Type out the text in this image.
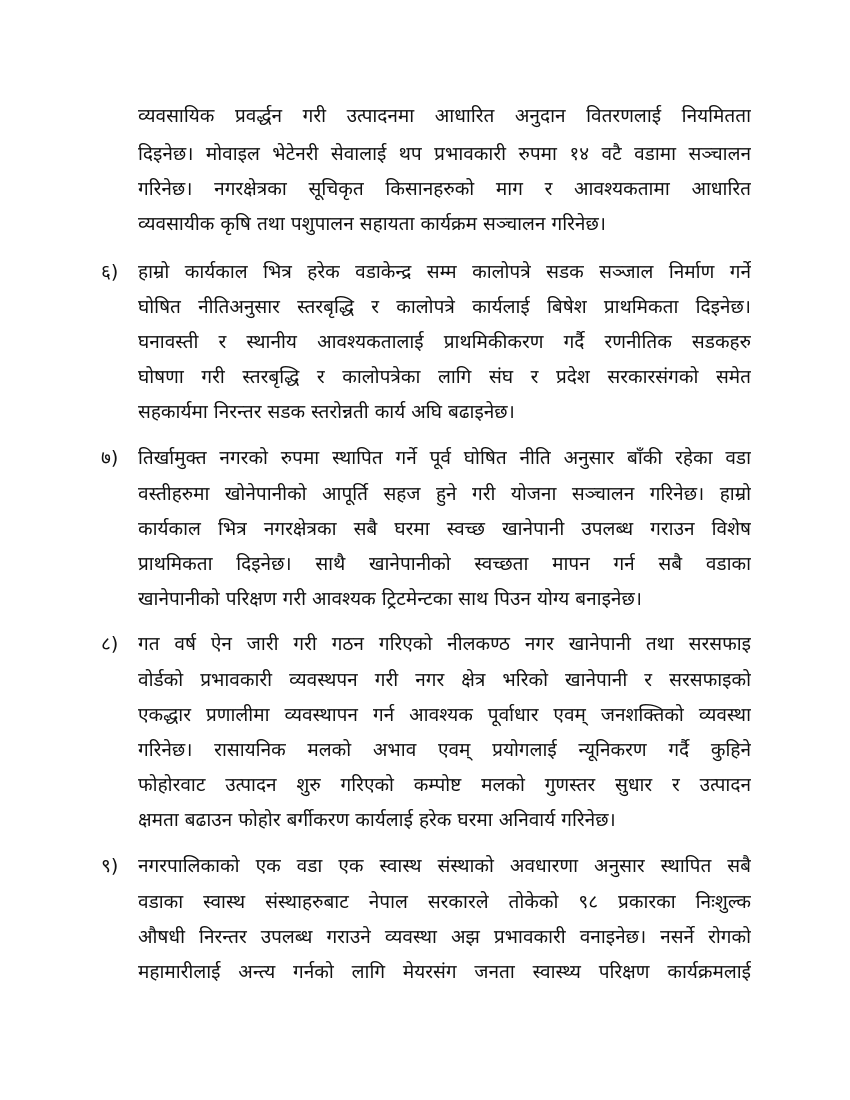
व्यवसायिक प्रवर्द्धन गरी उत्पादनमा आधारित अनुदान वितरणलाई नियमितता
दिइनेछ। मोवाइल भेटेनरी सेवालाई थप प्रभावकारी रुपमा १४ वटै वडामा सञ्चालन
गरिनेछ। नगरक्षेत्रका सूचिकृत किसानहरुको माग र आवश्यकतामा आधारित
व्यवसायीक कृषि तथा पशुपालन सहायता कार्यक्रम सञ्चालन गरिनेछ।
६) हाम्रो कार्यकाल भित्र हरेक वडाकेन्द्र सम्म कालोपत्रे सडक सञ्जाल निर्माण गर्ने
घोषित नीतिअनुसार स्तरबृद्धि र कालोपत्रे कार्यलाई बिषेश प्राथमिकता दिइनेछ।
घनावस्ती र स्थानीय आवश्यकतालाई प्राथमिकीकरण गर्दै रणनीतिक सडकहरु
घोषणा गरी स्तरबृद्धि र कालोपत्रेका लागि संघ र प्रदेश सरकारसंगको समेत
सहकार्यमा निरन्तर सडक स्तरोन्नती कार्य अघि बढाइनेछ।
७) तिर्खामुक्त नगरको रुपमा स्थापित गर्ने पूर्व घोषित नीति अनुसार बाँकी रहेका वडा
वस्तीहरुमा खोनेपानीको आपूर्ति सहज हुने गरी योजना सञ्चालन गरिनेछ। हाम्रो
कार्यकाल भित्र नगरक्षेत्रका सबै घरमा स्वच्छ खानेपानी उपलब्ध गराउन विशेष
प्राथमिकता दिइनेछ। साथै खानेपानीको स्वच्छता मापन गर्न सबै वडाका
खानेपानीको परिक्षण गरी आवश्यक ट्रिटमेन्टका साथ पिउन योग्य बनाइनेछ।
८) गत वर्ष ऐन जारी गरी गठन गरिएको नीलकण्ठ नगर खानेपानी तथा सरसफाइ
वोर्डको प्रभावकारी व्यवस्थपन गरी नगर क्षेत्र भरिको खानेपानी र सरसफाइको
एकद्धार प्रणालीमा व्यवस्थापन गर्न आवश्यक पूर्वाधार एवम् जनशक्तिको व्यवस्था
गरिनेछ। रासायनिक मलको अभाव एवम् प्रयोगलाई न्यूनिकरण गर्दै कुहिने
फोहोरवाट उत्पादन शुरु गरिएको कम्पोष्ट मलको गुणस्तर सुधार र उत्पादन
क्षमता बढाउन फोहोर बर्गीकरण कार्यलाई हरेक घरमा अनिवार्य गरिनेछ।
९) नगरपालिकाको एक वडा एक स्वास्थ संस्थाको अवधारणा अनुसार स्थापित सबै
वडाका स्वास्थ संस्थाहरुबाट नेपाल सरकारले तोकेको ९८ प्रकारका निःशुल्क
औषधी निरन्तर उपलब्ध गराउने व्यवस्था अझ प्रभावकारी वनाइनेछ। नसर्ने रोगको
महामारीलाई अन्त्य गर्नको लागि मेयरसंग जनता स्वास्थ्य परिक्षण कार्यक्रमलाई
